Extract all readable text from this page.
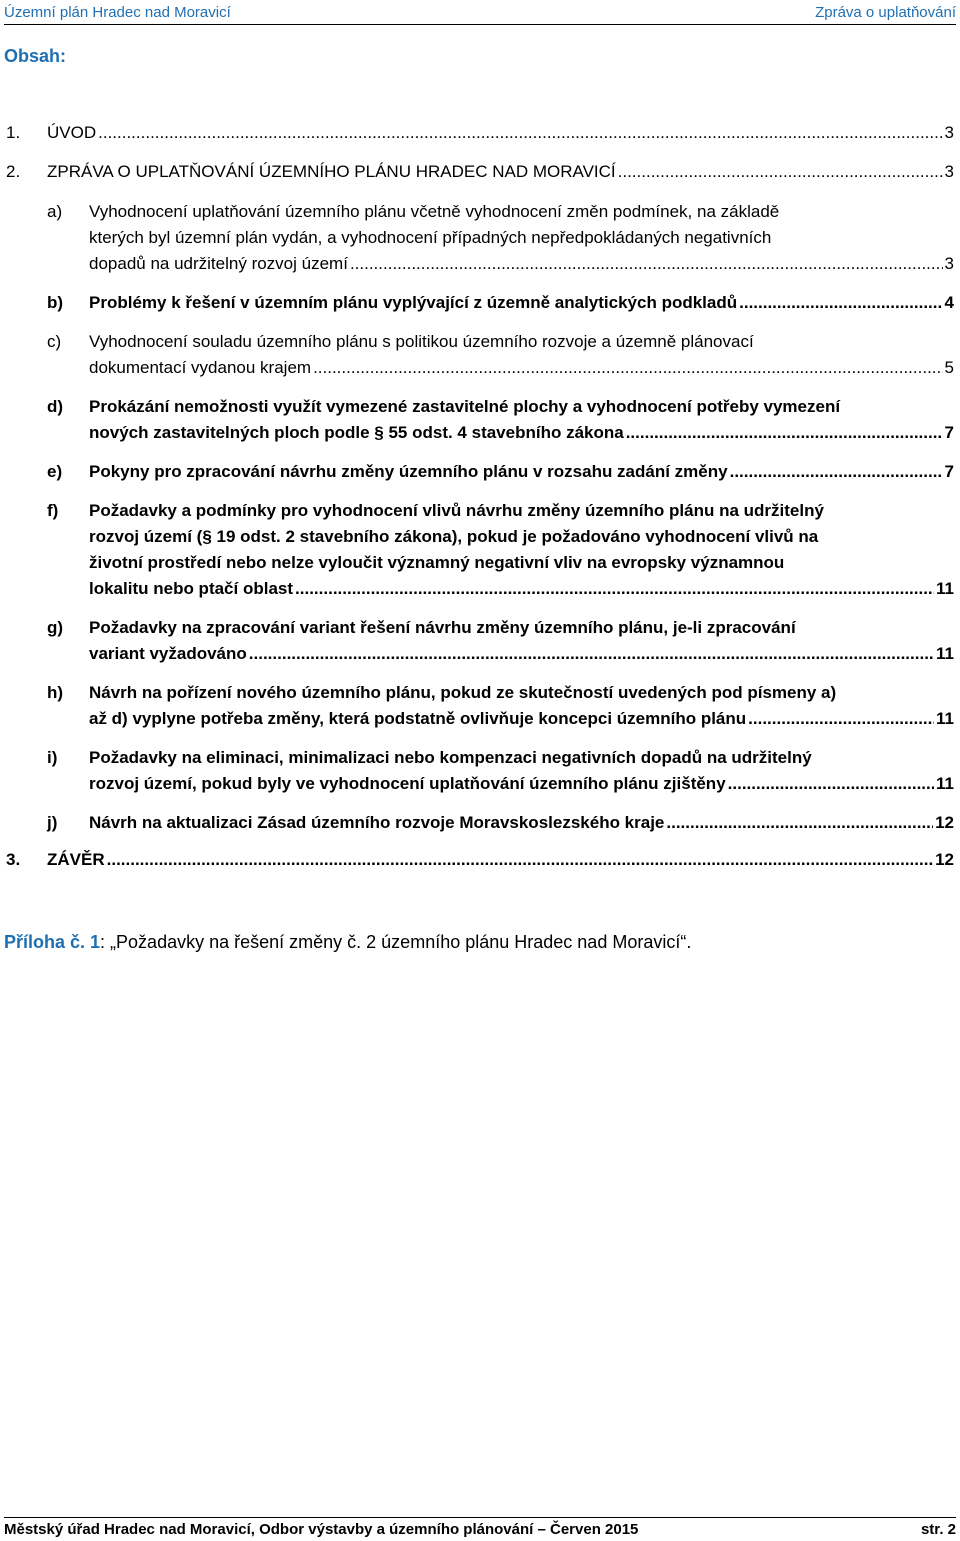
Územní plán Hradec nad Moravicí	Zpráva o uplatňování
Obsah:
1. ÚVOD .....	3
2. ZPRÁVA O UPLATŇOVÁNÍ ÚZEMNÍHO PLÁNU HRADEC NAD MORAVICÍ .....	3
a) Vyhodnocení uplatňování územního plánu včetně vyhodnocení změn podmínek, na základě
kterých byl územní plán vydán, a vyhodnocení případných nepředpokládaných negativních
dopadů na udržitelný rozvoj území .....	3
b) Problémy k řešení v územním plánu vyplývající z územně analytických podkladů .....	4
c) Vyhodnocení souladu územního plánu s politikou územního rozvoje a územně plánovací
dokumentací vydanou krajem .....	5
d) Prokázání nemožnosti využít vymezené zastavitelné plochy a vyhodnocení potřeby vymezení
nových zastavitelných ploch podle § 55 odst. 4 stavebního zákona .....	7
e) Pokyny pro zpracování návrhu změny územního plánu v rozsahu zadání změny .....	7
f) Požadavky a podmínky pro vyhodnocení vlivů návrhu změny územního plánu na udržitelný
rozvoj území (§ 19 odst. 2 stavebního zákona), pokud je požadováno vyhodnocení vlivů na
životní prostředí nebo nelze vyloučit významný negativní vliv na evropsky významnou
lokalitu nebo ptačí oblast .....	11
g) Požadavky na zpracování variant řešení návrhu změny územního plánu, je-li zpracování
variant vyžadováno .....	11
h) Návrh na pořízení nového územního plánu, pokud ze skutečností uvedených pod písmeny a)
až d) vyplyne potřeba změny, která podstatně ovlivňuje koncepci územního plánu .....	11
i) Požadavky na eliminaci, minimalizaci nebo kompenzaci negativních dopadů na udržitelný
rozvoj území, pokud byly ve vyhodnocení uplatňování územního plánu zjištěny .....	11
j) Návrh na aktualizaci Zásad územního rozvoje Moravskoslezského kraje .....	12
3. ZÁVĚR .....	12
Příloha č. 1: „Požadavky na řešení změny č. 2 územního plánu Hradec nad Moravicí“.
Městský úřad Hradec nad Moravicí, Odbor výstavby a územního plánování – Červen 2015	str. 2
